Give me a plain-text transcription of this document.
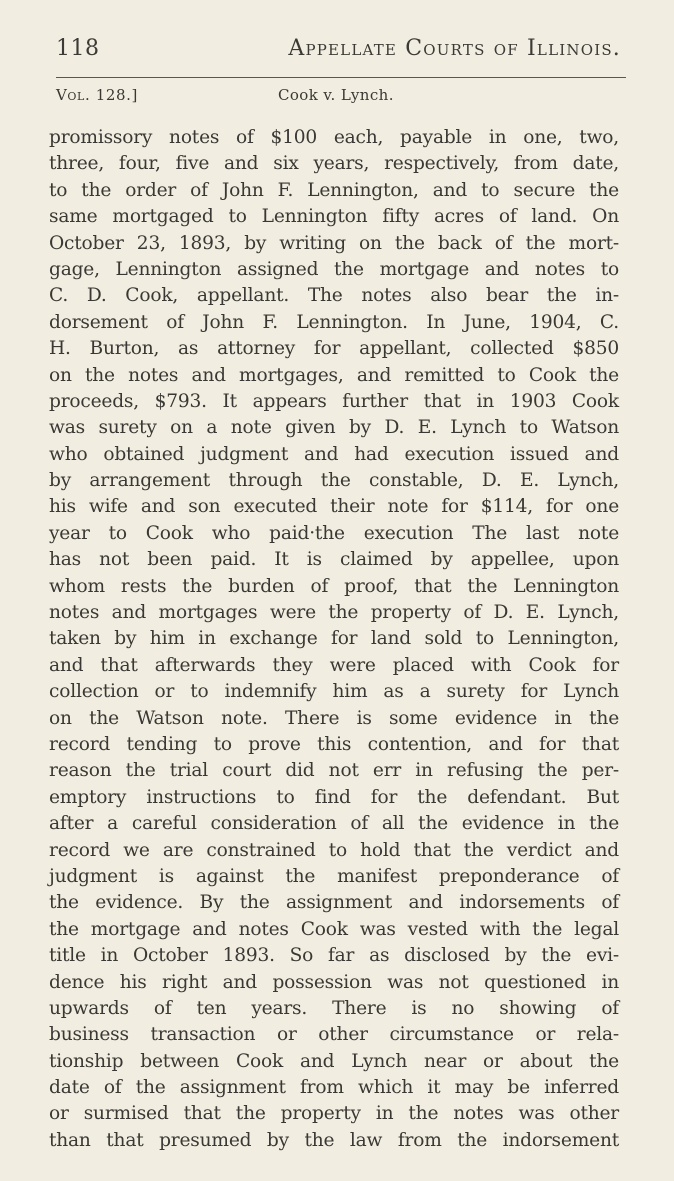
118	Appellate Courts of Illinois.
Vol. 128.]	Cook v. Lynch.
promissory notes of $100 each, payable in one, two,
three, four, five and six years, respectively, from date,
to the order of John F. Lennington, and to secure the
same mortgaged to Lennington fifty acres of land. On
October 23, 1893, by writing on the back of the mort-
gage, Lennington assigned the mortgage and notes to
C. D. Cook, appellant. The notes also bear the in-
dorsement of John F. Lennington. In June, 1904, C.
H. Burton, as attorney for appellant, collected $850
on the notes and mortgages, and remitted to Cook the
proceeds, $793. It appears further that in 1903 Cook
was surety on a note given by D. E. Lynch to Watson
who obtained judgment and had execution issued and
by arrangement through the constable, D. E. Lynch,
his wife and son executed their note for $114, for one
year to Cook who paid·the execution The last note
has not been paid. It is claimed by appellee, upon
whom rests the burden of proof, that the Lennington
notes and mortgages were the property of D. E. Lynch,
taken by him in exchange for land sold to Lennington,
and that afterwards they were placed with Cook for
collection or to indemnify him as a surety for Lynch
on the Watson note. There is some evidence in the
record tending to prove this contention, and for that
reason the trial court did not err in refusing the per-
emptory instructions to find for the defendant. But
after a careful consideration of all the evidence in the
record we are constrained to hold that the verdict and
judgment is against the manifest preponderance of
the evidence. By the assignment and indorsements of
the mortgage and notes Cook was vested with the legal
title in October 1893. So far as disclosed by the evi-
dence his right and possession was not questioned in
upwards of ten years. There is no showing of
business transaction or other circumstance or rela-
tionship between Cook and Lynch near or about the
date of the assignment from which it may be inferred
or surmised that the property in the notes was other
than that presumed by the law from the indorsement
